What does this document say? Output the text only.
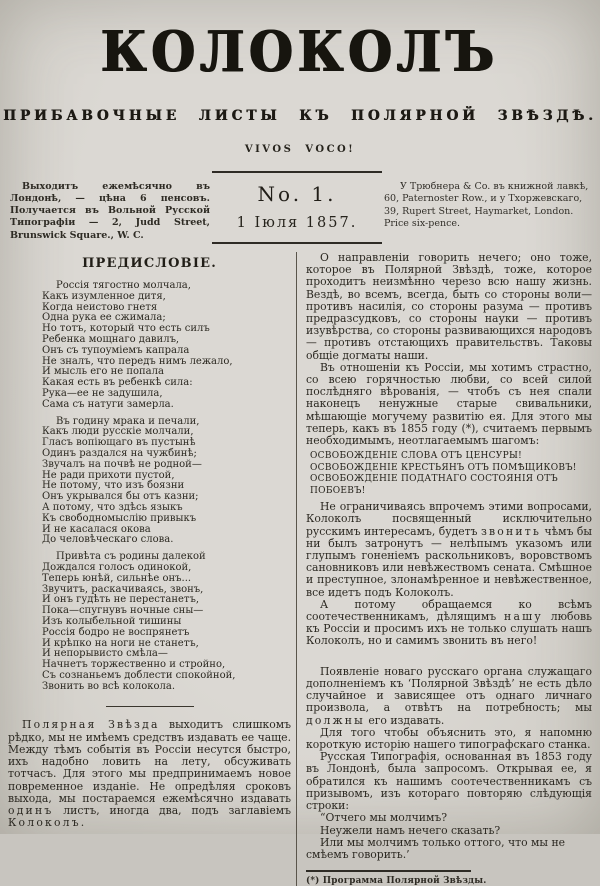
КОЛОКОЛЪ
ПРИБАВОЧНЫЕ ЛИСТЫ КЪ ПОЛЯРНОЙ ЗВѢЗДѢ.
VIVOS VOCO!

Выходитъ ежемѣсячно въ Лондонѣ, — цѣна 6 пенсовъ. Получается въ Вольной Русской Типографіи — 2, Judd Street, Brunswick Square., W. C.

No. 1.
1 Іюля 1857.

У Трюбнера & Co. въ книжной лавкѣ, 60, Paternoster Row., и у Тхоржевскаго, 39, Rupert Street, Haymarket, London. Price six-pence.

ПРЕДИСЛОВІЕ.
Россія тягостно молчала,
Какъ изумленное дитя,
Когда неистово гнетя
Одна рука ее сжимала;
Но тотъ, который что есть силъ
Ребенка мощнаго давилъ,
Онъ съ тупоуміемъ капрала
Не зналъ, что передъ нимъ лежало,
И мысль его не попала
Какая есть въ ребенкѣ сила:
Рука—ее не задушила,
Сама съ натуги замерла.
Въ годину мрака и печали,
Какъ люди русскіе молчали,
Гласъ вопіющаго въ пустынѣ
Одинъ раздался на чужбинѣ;
Звучалъ на почвѣ не родной—
Не ради прихоти пустой,
Не потому, что изъ боязни
Онъ укрывался бы отъ казни;
А потому, что здѣсь языкъ
Къ свободномыслію привыкъ
И не касалася окова
До человѣческаго слова.
Привѣта съ родины далекой
Дождался голосъ одинокой,
Теперь юнѣй, сильнѣе онъ...
Звучитъ, раскачиваясь, звонъ,
И онъ гудѣть не перестанетъ,
Пока—спугнувъ ночные сны—
Изъ колыбельной тишины
Россія бодро не воспрянетъ
И крѣпко на ноги не станетъ,
И непорывисто смѣла—
Начнетъ торжественно и стройно,
Съ сознаньемъ доблести спокойной,
Звонить во всѣ колокола.

Полярная Звѣзда выходитъ слишкомъ рѣдко, мы не имѣемъ средствъ издавать ее чаще. Между тѣмъ событія въ Россіи несутся быстро, ихъ надобно ловить на лету, обсуживать тотчасъ. Для этого мы предпринимаемъ новое повременное изданіе. Не опредѣляя сроковъ выхода, мы постараемся ежемѣсячно издавать одинъ листъ, иногда два, подъ заглавіемъ Колоколъ.

О направленіи говорить нечего; оно тоже, которое въ Полярной Звѣздѣ, тоже, которое проходитъ неизмѣнно черезо всю нашу жизнь. Вездѣ, во всемъ, всегда, быть со стороны воли—противъ насилія, со стороны разума — противъ предразсудковъ, со стороны науки — противъ изувѣрства, со стороны развивающихся народовъ — противъ отстающихъ правительствъ. Таковы общіе догматы наши.

Въ отношеніи къ Россіи, мы хотимъ страстно, со всею горячностью любви, со всей силой послѣдняго вѣрованія, — чтобъ съ нея спали наконецъ ненужные старые свивальники, мѣшающіе могучему развитію ея. Для этого мы теперь, какъ въ 1855 году (*), считаемъ первымъ необходимымъ, неотлагаемымъ шагомъ:

ОСВОБОЖДЕНІЕ СЛОВА ОТЪ ЦЕНСУРЫ!
ОСВОБОЖДЕНІЕ КРЕСТЬЯНЪ ОТЪ ПОМѢЩИКОВЪ!
ОСВОБОЖДЕНІЕ ПОДАТНАГО СОСТОЯНІЯ ОТЪ ПОБОЕВЪ!

Не ограничиваясь впрочемъ этими вопросами, Колоколъ посвященный исключительно русскимъ интересамъ, будетъ звонить чѣмъ бы ни былъ затронутъ — нелѣпымъ указомъ или глупымъ гоненіемъ раскольниковъ, воровствомъ сановниковъ или невѣжествомъ сената. Смѣшное и преступное, злонамѣренное и невѣжественное, все идетъ подъ Колоколъ.

А потому обращаемся ко всѣмъ соотечественникамъ, дѣлящимъ нашу любовь къ Россіи и просимъ ихъ не только слушать нашъ Колоколъ, но и самимъ звонить въ него!

Появленіе новаго русскаго органа служащаго дополненіемъ къ ‘Полярной Звѣздѣ’ не есть дѣло случайное и зависящее отъ однаго личнаго произвола, а отвѣтъ на потребность; мы должны его издавать.

Для того чтобы объяснить это, я напомню короткую исторію нашего типографскаго станка.

Русская Типографія, основанная въ 1853 году въ Лондонѣ, была запросомъ. Открывая ее, я обратился къ нашимъ соотечественникамъ съ призывомъ, изъ котораго повторяю слѣдующія строки:

“Отчего мы молчимъ?
Неужели намъ нечего сказать?
Или мы молчимъ только оттого, что мы не смѣемъ говорить.’
(*) Программа Полярной Звѣзды.
